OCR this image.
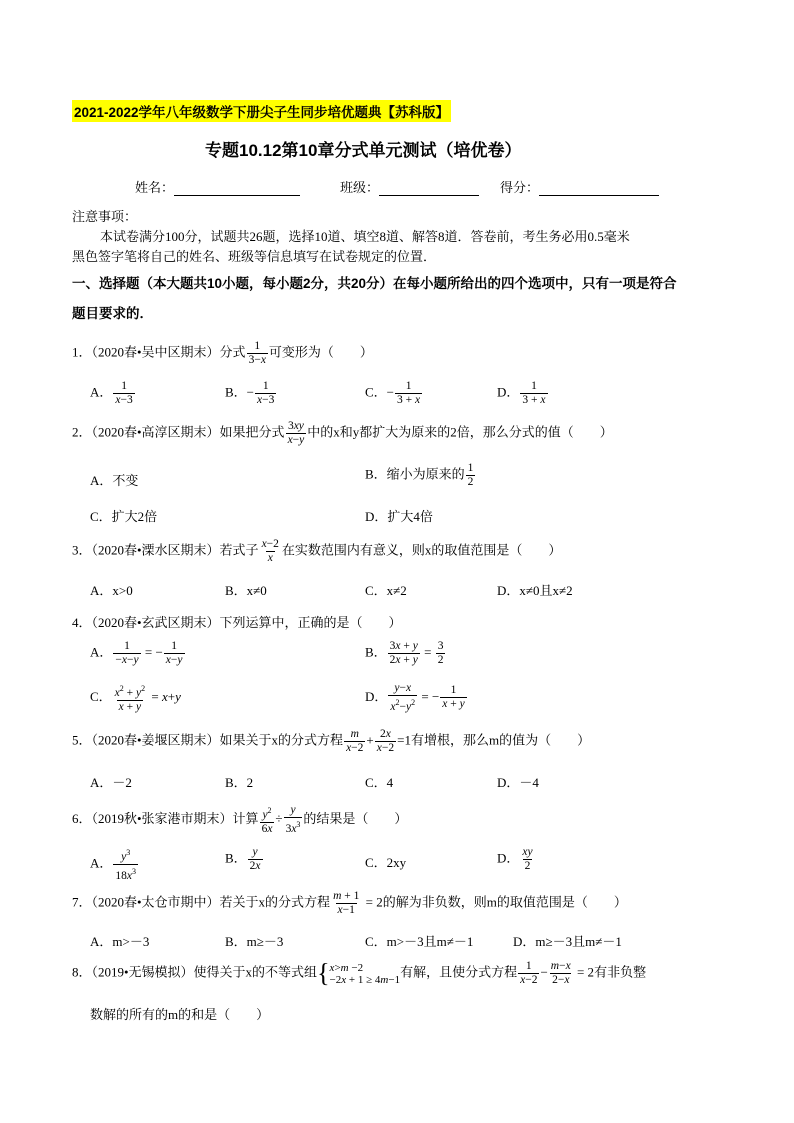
2021-2022学年八年级数学下册尖子生同步培优题典【苏科版】
专题10.12第10章分式单元测试（培优卷）
姓名：	班级：	得分：
注意事项：
本试卷满分100分，试题共26题，选择10道、填空8道、解答8道．答卷前，考生务必用0.5毫米
黑色签字笔将自己的姓名、班级等信息填写在试卷规定的位置．
一、选择题（本大题共10小题，每小题2分，共20分）在每小题所给出的四个选项中，只有一项是符合
题目要求的．
1．（2020春•吴中区期末）分式 $\frac{1}{3-x}$ 可变形为（　　）
A． $\frac{1}{x-3}$	B．− $\frac{1}{x-3}$	C．− $\frac{1}{3 + x}$	D． $\frac{1}{3 + x}$
2．（2020春•高淳区期末）如果把分式 $\frac{3xy}{x-y}$ 中的x和y都扩大为原来的2倍，那么分式的值（　　）
A．不变	B．缩小为原来的 $\frac{1}{2}$
C．扩大2倍	D．扩大4倍
3．（2020春•溧水区期末）若式子 $\frac{x-2}{x}$ 在实数范围内有意义，则x的取值范围是（　　）
A．x>0	B．x≠0	C．x≠2	D．x≠0且x≠2
4．（2020春•玄武区期末）下列运算中，正确的是（　　）
A． $\frac{1}{-x-y}$ = − $\frac{1}{x-y}$	B． $\frac{3x + y}{2x + y} = \frac{3}{2}$
C． $\frac{x^2 + y^2}{x + y} = x+y$	D． $\frac{y-x}{x^2-y^2}$ = − $\frac{1}{x + y}$
5．（2020春•姜堰区期末）如果关于x的分式方程 $\frac{m}{x-2} + \frac{2x}{x-2} =1$有增根，那么m的值为（　　）
A．－2	B．2	C．4	D．－4
6．（2019秋•张家港市期末）计算 $\frac{y^2}{6x} \div \frac{y}{3x^3}$ 的结果是（　　）
A． $\frac{y^3}{18x^3}$	B． $\frac{y}{2x}$	C．2xy	D． $\frac{xy}{2}$
7．（2020春•太仓市期中）若关于x的分式方程 $\frac{m + 1}{x-1} = 2$的解为非负数，则m的取值范围是（　　）
A．m>－3	B．m≥－3	C．m>－3且m≠－1	D．m≥－3且m≠－1
8．（2019•无锡模拟）使得关于x的不等式组{ x>m −2
−2x + 1 ≥ 4m−1
有解，且使分式方程 $\frac{1}{x-2} - \frac{m-x}{2-x} = 2$有非负整
数解的所有的m的和是（　　）
